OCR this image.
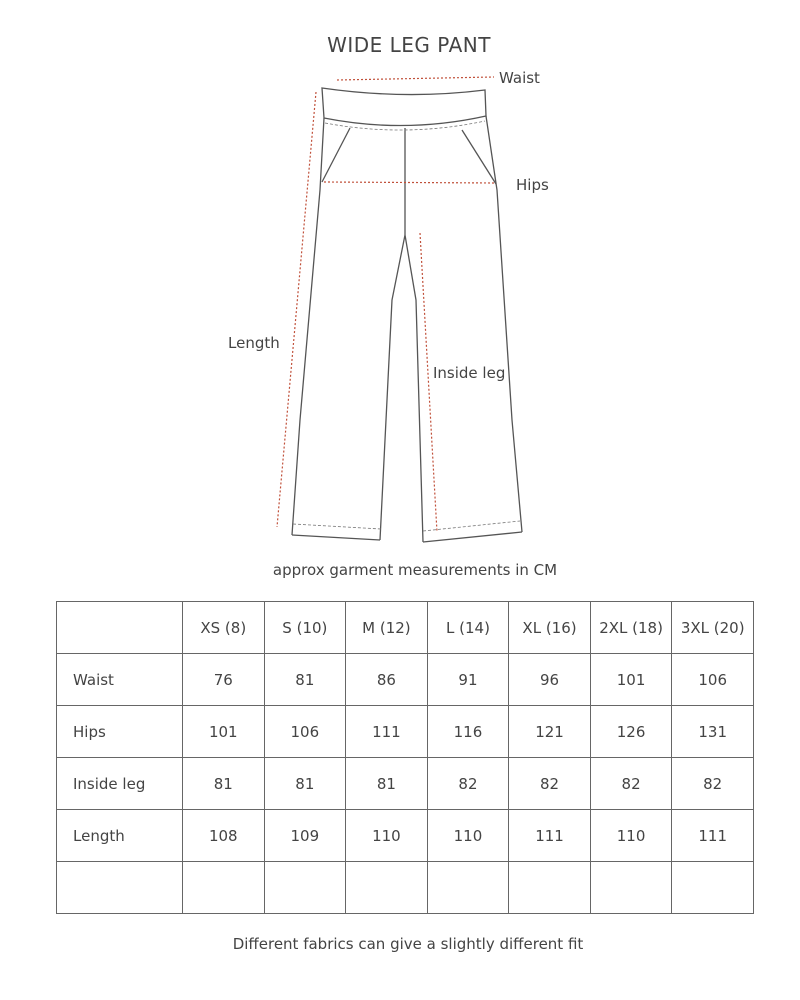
WIDE LEG PANT
Waist
Hips
Length
Inside leg
approx garment measurements in CM
	XS (8)	S (10)	M (12)	L (14)	XL (16)	2XL (18)	3XL (20)
Waist	76	81	86	91	96	101	106
Hips	101	106	111	116	121	126	131
Inside leg	81	81	81	82	82	82	82
Length	108	109	110	110	111	110	111

Different fabrics can give a slightly different fit
